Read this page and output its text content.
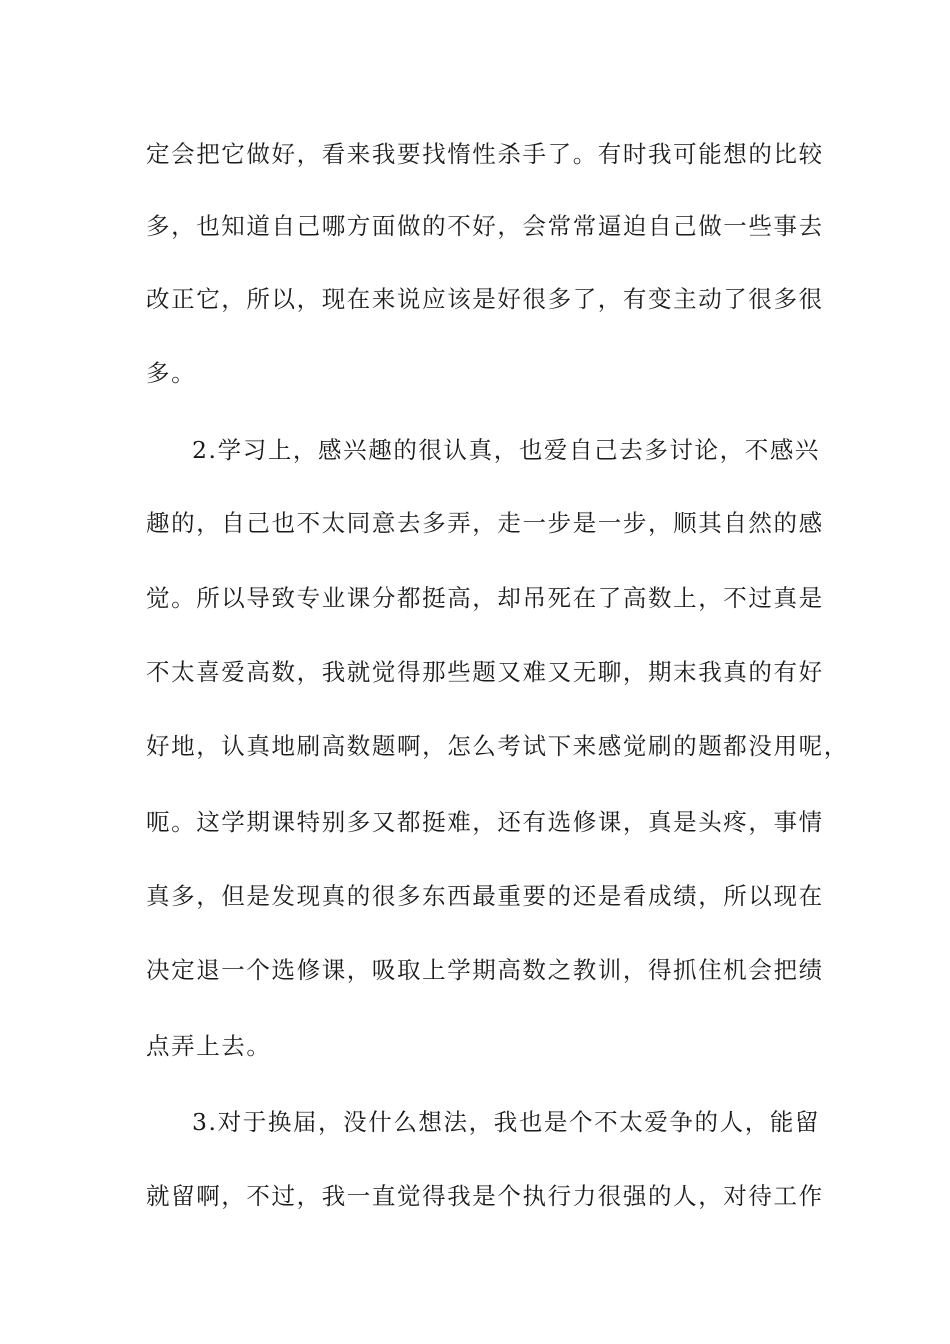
定会把它做好，看来我要找惰性杀手了。有时我可能想的比较
多，也知道自己哪方面做的不好，会常常逼迫自己做一些事去
改正它，所以，现在来说应该是好很多了，有变主动了很多很
多。
2.学习上，感兴趣的很认真，也爱自己去多讨论，不感兴
趣的，自己也不太同意去多弄，走一步是一步，顺其自然的感
觉。所以导致专业课分都挺高，却吊死在了高数上，不过真是
不太喜爱高数，我就觉得那些题又难又无聊，期末我真的有好
好地，认真地刷高数题啊，怎么考试下来感觉刷的题都没用呢，
呃。这学期课特别多又都挺难，还有选修课，真是头疼，事情
真多，但是发现真的很多东西最重要的还是看成绩，所以现在
决定退一个选修课，吸取上学期高数之教训，得抓住机会把绩
点弄上去。
3.对于换届，没什么想法，我也是个不太爱争的人，能留
就留啊，不过，我一直觉得我是个执行力很强的人，对待工作
